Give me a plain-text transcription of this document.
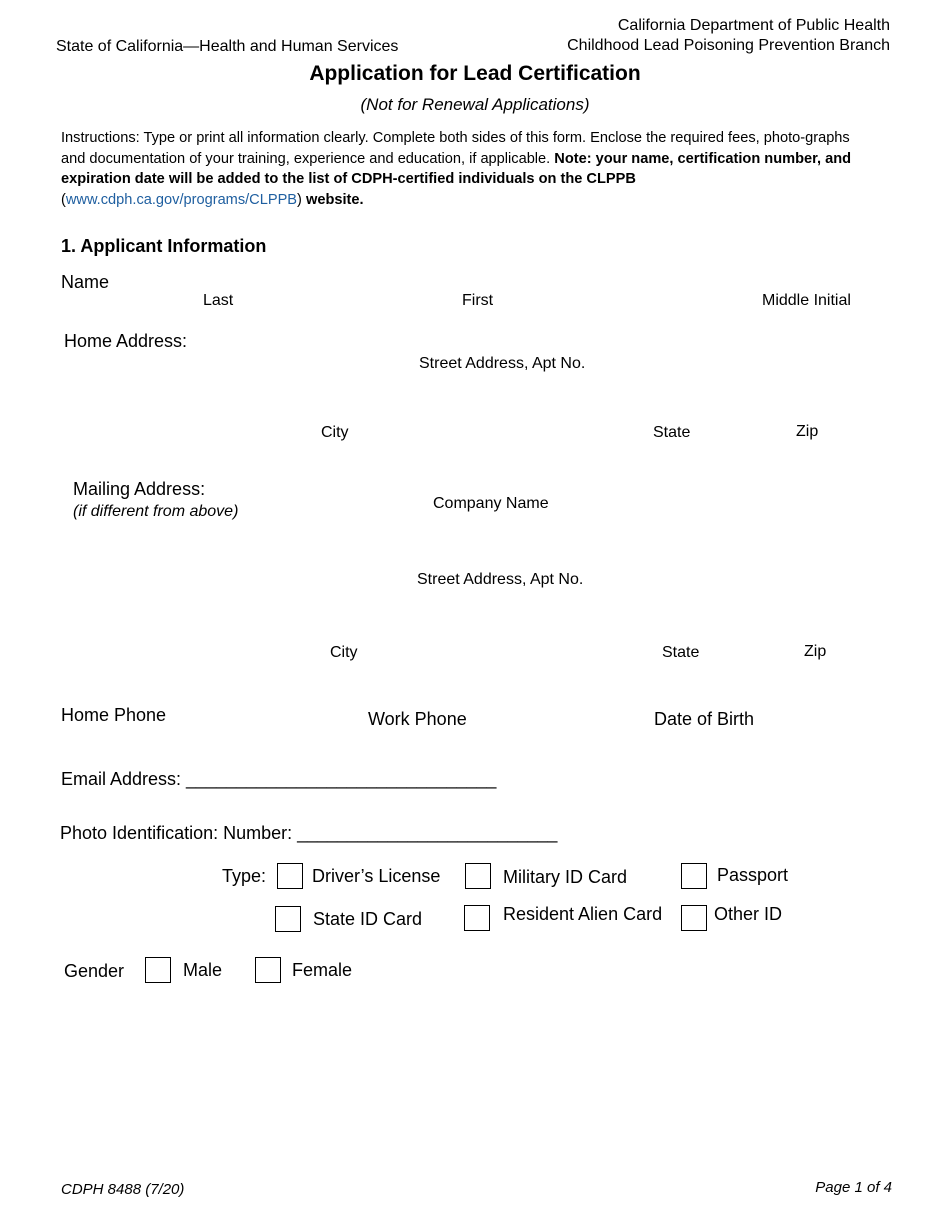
State of California—Health and Human Services
California Department of Public Health
Childhood Lead Poisoning Prevention Branch
Application for Lead Certification
(Not for Renewal Applications)
Instructions: Type or print all information clearly. Complete both sides of this form. Enclose the required fees, photo-graphs and documentation of your training, experience and education, if applicable. Note: your name, certification number, and expiration date will be added to the list of CDPH-certified individuals on the CLPPB
(www.cdph.ca.gov/programs/CLPPB) website.
1. Applicant Information
Name
Last	First	Middle Initial
Home Address:
Street Address, Apt No.
City	State	Zip
Mailing Address:
(if different from above)	Company Name
Street Address, Apt No.
City	State	Zip
Home Phone	Work Phone	Date of Birth
Email Address: _______________________________
Photo Identification: Number: __________________________
Type:	Driver’s License	Military ID Card	Passport
State ID Card	Resident Alien Card	Other ID
Gender	Male	Female
CDPH 8488 (7/20)	Page 1 of 4
